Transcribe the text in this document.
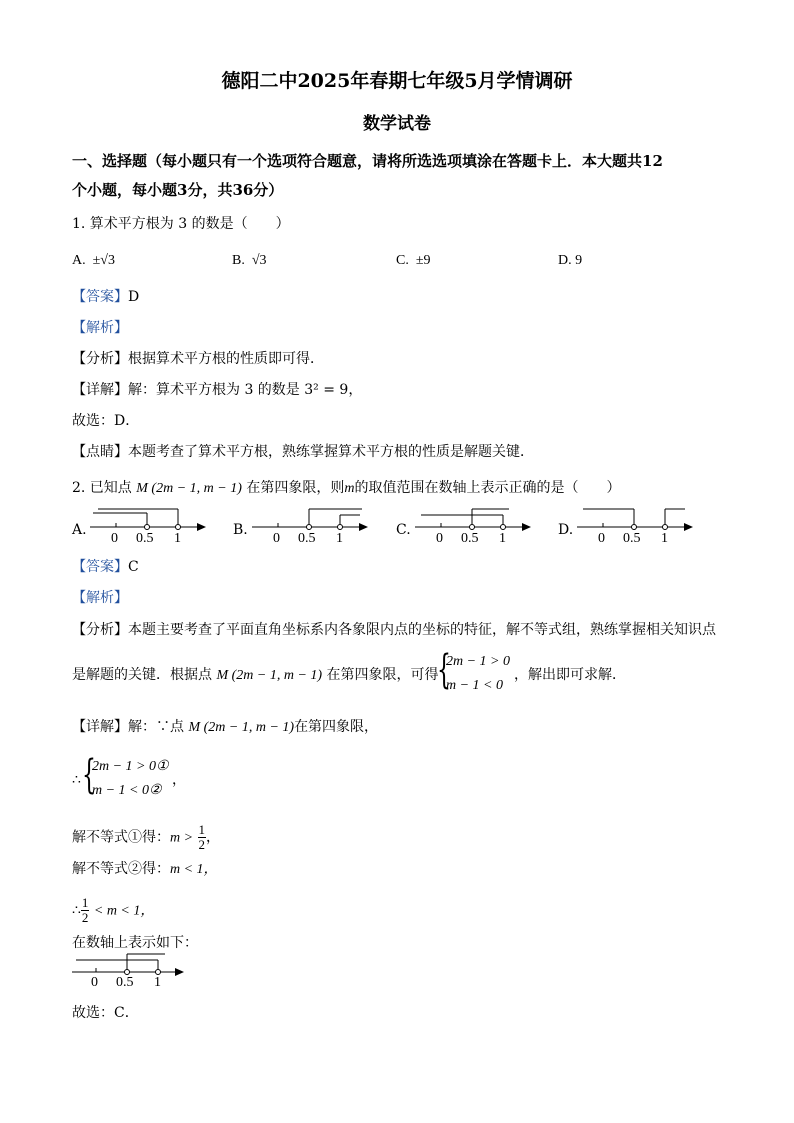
德阳二中2025年春期七年级5月学情调研
数学试卷
一、选择题（每小题只有一个选项符合题意，请将所选选项填涂在答题卡上．本大题共12
个小题，每小题3分，共36分）
1. 算术平方根为 3 的数是（　　）
A. ±√3	B. √3	C. ±9	D. 9
【答案】D
【解析】
【分析】根据算术平方根的性质即可得．
【详解】解：算术平方根为 3 的数是 3² = 9，
故选：D．
【点睛】本题考查了算术平方根，熟练掌握算术平方根的性质是解题关键．
2. 已知点 M (2m − 1, m − 1) 在第四象限，则m的取值范围在数轴上表示正确的是（　　）
A.	B.	C.	D.
0 0.5 1	0 0.5 1	0 0.5 1	0 0.5 1
【答案】C
【解析】
【分析】本题主要考查了平面直角坐标系内各象限内点的坐标的特征，解不等式组，熟练掌握相关知识点
是解题的关键．根据点 M (2m − 1, m − 1) 在第四象限，可得
{
2m − 1 > 0
m − 1 < 0
，解出即可求解．
【详解】解：∵点 M (2m − 1, m − 1)在第四象限，
∴ {
2m − 1 > 0①
m − 1 < 0②
，
解不等式①得：$m > \frac{1}{2}$ ，
解不等式②得：m < 1，
∴ $\frac{1}{2} < m < 1$，
在数轴上表示如下：
0 0.5 1
故选：C．
